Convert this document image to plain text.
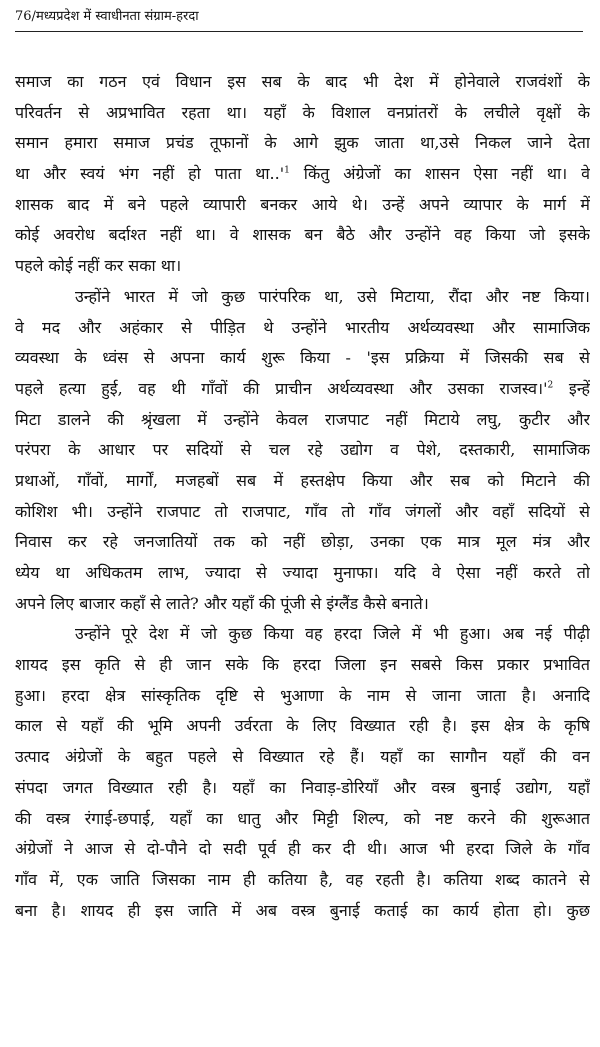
76/मध्यप्रदेश में स्वाधीनता संग्राम-हरदा
समाज का गठन एवं विधान इस सब के बाद भी देश में होनेवाले राजवंशों के
परिवर्तन से अप्रभावित रहता था। यहाँ के विशाल वनप्रांतरों के लचीले वृक्षों के
समान हमारा समाज प्रचंड तूफानों के आगे झुक जाता था,उसे निकल जाने देता
था और स्वयं भंग नहीं हो पाता $था..'^1$ किंतु अंग्रेजों का शासन ऐसा नहीं था। वे
शासक बाद में बने पहले व्यापारी बनकर आये थे। उन्हें अपने व्यापार के मार्ग में
कोई अवरोध बर्दाश्त नहीं था। वे शासक बन बैठे और उन्होंने वह किया जो इसके
पहले कोई नहीं कर सका था।
उन्होंने भारत में जो कुछ पारंपरिक था, उसे मिटाया, रौंदा और नष्ट किया।
वे मद और अहंकार से पीड़ित थे उन्होंने भारतीय अर्थव्यवस्था और सामाजिक
व्यवस्था के ध्वंस से अपना कार्य शुरू किया - 'इस प्रक्रिया में जिसकी सब से
पहले हत्या हुई, वह थी गाँवों की प्राचीन अर्थव्यवस्था और उसका $राजस्व।'^2$ इन्हें
मिटा डालने की श्रृंखला में उन्होंने केवल राजपाट नहीं मिटाये लघु, कुटीर और
परंपरा के आधार पर सदियों से चल रहे उद्योग व पेशे, दस्तकारी, सामाजिक
प्रथाओं, गाँवों, मार्गों, मजहबों सब में हस्तक्षेप किया और सब को मिटाने की
कोशिश भी। उन्होंने राजपाट तो राजपाट, गाँव तो गाँव जंगलों और वहाँ सदियों से
निवास कर रहे जनजातियों तक को नहीं छोड़ा, उनका एक मात्र मूल मंत्र और
ध्येय था अधिकतम लाभ, ज्यादा से ज्यादा मुनाफा। यदि वे ऐसा नहीं करते तो
अपने लिए बाजार कहाँ से लाते? और यहाँ की पूंजी से इंग्लैंड कैसे बनाते।
उन्होंने पूरे देश में जो कुछ किया वह हरदा जिले में भी हुआ। अब नई पीढ़ी
शायद इस कृति से ही जान सके कि हरदा जिला इन सबसे किस प्रकार प्रभावित
हुआ। हरदा क्षेत्र सांस्कृतिक दृष्टि से भुआणा के नाम से जाना जाता है। अनादि
काल से यहाँ की भूमि अपनी उर्वरता के लिए विख्यात रही है। इस क्षेत्र के कृषि
उत्पाद अंग्रेजों के बहुत पहले से विख्यात रहे हैं। यहाँ का सागौन यहाँ की वन
संपदा जगत विख्यात रही है। यहाँ का निवाड़-डोरियाँ और वस्त्र बुनाई उद्योग, यहाँ
की वस्त्र रंगाई-छपाई, यहाँ का धातु और मिट्टी शिल्प, को नष्ट करने की शुरूआत
अंग्रेजों ने आज से दो-पौने दो सदी पूर्व ही कर दी थी। आज भी हरदा जिले के गाँव
गाँव में, एक जाति जिसका नाम ही कतिया है, वह रहती है। कतिया शब्द कातने से
बना है। शायद ही इस जाति में अब वस्त्र बुनाई कताई का कार्य होता हो। कुछ
